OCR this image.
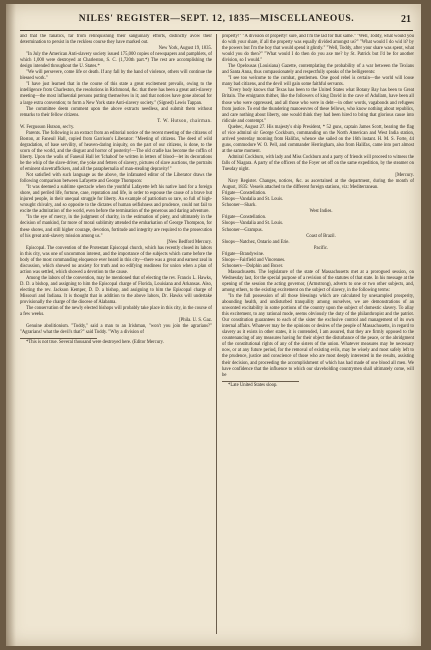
NILES' REGISTER—SEPT. 12, 1835—MISCELLANEOUS.	21

and that the fanatics, far from relinquishing their sanguinary efforts, distinctly avow their determination to persist in the reckless course they have marked out.

New York, August 19, 1835.

"In July the American Anti-slavery society issued 175,000 copies of newspapers and pamphlets, of which 1,000 were destroyed at Charleston, S. C. (1,720th part.*) The rest are accomplishing the design intended throughout the U. States.*

"We will persevere, come life or death. If any fall by the hand of violence, others will continue the blessed work."

"I have just learned that in the course of this state a great excitement prevails, owing to the intelligence from Charleston, the resolutions in Richmond, &c. that there has been a great anti-slavery meeting—the most influential persons putting themselves in it; and that notices have gone abroad for a large extra convention; to form a New York state Anti-slavery society." (Signed) Lewis Tappan.

The committee deem comment upon the above extracts needless, and submit them without remarks to their fellow citizens.

T. W. Hutson, chairman.

W. Fergusson Hutson, sec'ry.

Parents. The following is an extract from an editorial notice of the recent meeting of the citizens of Boston, at Faneuil Hall, copied from Garrison's Liberator: "Meeting of citizens. The deed of wild degradation, of base servility, of heaven-daring iniquity, on the part of our citizens, is done, to the scorn of the world, and the disgust and horror of posterity!—The old cradle has become the coffin of liberty. Upon the walls of Faneuil Hall let 'Ichabod' be written in letters of blood—let its decorations be the whip of the slave-driver, the yoke and fetters of slavery, pictures of slave auctions, the portraits of eminent slavetraffickers, and all the paraphernalia of man-stealing depravity!"

Not satisfied with such language as the above, the infatuated editor of the Liberator draws the following comparison between Lafayette and George Thompson:

"It was deemed a sublime spectacle when the youthful Lafayette left his native land for a foreign shore, and periled life, fortune, case, reputation and life, in order to espouse the cause of a brave but injured people, in their unequal struggle for liberty. An example of patriotism so rare, so full of high-wrought chivalry, and so opposite to the dictates of human selfishness and prudence, could not fail to excite the admiration of the world, even before the termination of the generous and daring adventure.

"In the eye of mercy, in the judgment of charity, in the estimation of piety, and ultimately in the decision of mankind, far more of moral sublimity attended the embarkation of George Thompson, for these shores, and still higher courage, devotion, fortitude and integrity are required to the prosecution of his great anti-slavery mission among us."

[New Bedford Mercury.

Episcopal. The convention of the Protestant Episcopal church, which has recently closed its labors in this city, was one of uncommon interest, and the importance of the subjects which came before the body of the most commanding eloquence ever heard in this city—there was a great and earnest zeal in discussion, which showed no anxiety for truth and no edifying readiness for union when a plan of action was settled, which showed a devotion to the cause.

Among the labors of the convention, may be mentioned that of electing the rev. Francis L. Hawks, D. D. a bishop, and assigning to him the Episcopal charge of Florida, Louisiana and Arkansas. Also, electing the rev. Jackson Kemper, D. D. a bishop, and assigning to him the Episcopal charge of Missouri and Indiana. It is thought that in addition to the above labors, Dr. Hawks will undertake provisionally the charge of the diocese of Alabama.

The conservation of the newly elected bishops will probably take place in this city, in the course of a few weeks.

[Phila. U. S. Gaz.

Genuine abolitionism. "Toddy," said a man to an Irishman, "won't you join the agrarians?" "Agrarians! what the devil's that?" said Toddy. "Why a division of

*This is not true. Several thousand were destroyed here. (Editor Mercury.

property!" "A division of property! sure, and I'm the lad for that same." "Well, Toddy, what would you do with your share, if all the property was equally divided amongst us?" "What would I do wid it? by the powers but I'm the boy that would spend it glintly." "Well, Toddy, after your share was spent, what would you do then?" "What would I do then do you axe me? by St. Patrick but I'd be for another division, so I would."

The Opelousas (Louisiana) Gazette, contemplating the probability of a war between the Texians and Santa Anna, thus compassionately and respectfully speaks of the belligerents:

"I see too welcome to the combat, gentlemen. One good rebel is certain—the world will loose many bad citizens, and the devil will gain some faithful servants.

"Every body knows that Texas has been to the United States what Botany Bay has been to Great Britain. The emigrants thither, like the followers of king David in the cave of Adullam, have been all those who were oppressed, and all those who were in debt—in other words, vagabonds and refugees from justice. To end the thundering manoeuvres of these fellows, who know nothing about republics, and care nothing about liberty, one would think they had been hired to bring that glorious cause into ridicule and contempt."

Quebec, August 27. His majesty's ship President, * 52 guns, captain James Scott, bearing the flag of vice admiral sir George Cockburn, commanding on the North American and West India station, arrived yesterday morning from Halifax, whence she sailed on the 16th instant. H. M. S. Forte, 44 guns, commodore W. O. Pell, and commander Herringham, also from Halifax, came into port almost at the same moment.

Admiral Cockburn, with lady and Miss Cockburn and a party of friends will proceed to witness the falls of Niagara. A party of the officers of the Foyer set off on the same expedition, by the steamer on Tuesday night.

[Mercury.

Navy Register. Changes, notices, &c. as ascertained at the department, during the month of August, 1835: Vessels attached to the different foreign stations, viz: Mediterranean.

Frigate—Constellation.

Sloops—Vandalia and St. Louis.

Schooner—Shark.

West Indies.

Frigate—Constellation.

Sloops—Vandalia and St. Louis.

Schooner—Grampus.

Coast of Brazil.

Sloops—Natchez, Ontario and Erie.

Pacific.

Frigate—Brandywine.

Sloops—Fairfield and Vincennes.

Schooners—Dolphin and Boxer.

Massachusetts. The legislature of the state of Massachusetts met at a prorogued session, on Wednesday last, for the special purpose of a revision of the statutes of that state. In his message at the opening of the session the acting governor, (Armstrong), adverts to one or two other subjects, and, among others, to the existing excitement on the subject of slavery, in the following terms:

"In the full possession of all those blessings which are calculated by unexampled prosperity, abounding health, and undisturbed tranquility among ourselves, we are demonstrations of an unwonted excitability in some portions of the country upon the subject of domestic slavery. To allay this excitement, to any rational mode, seems obviously the duty of the philanthropist and the patriot. Our constitution guarantees to each of the sister the exclusive control and management of its own internal affairs. Whatever may be the opinions or desires of the people of Massachusetts, in regard to slavery as it exists in other states, it is contended, I am assured, that they are firmly opposed to the countenancing of any measures having for their object the disturbance of the peace, or the abridgment of the constitutional rights of any of the sisters of the union. Whatever measures may be necessary now, or at any future period, for the removal of existing evils, may be wisely and most safely left to the prudence, justice and conscience of those who are most deeply interested in the results, assisting their decision, and proceeding the accomplishment of which has had made of one blood all men. We have confidence that the influence to which our slaveholding countrymen shall ultimately come, will be

*Late United States sloop.
